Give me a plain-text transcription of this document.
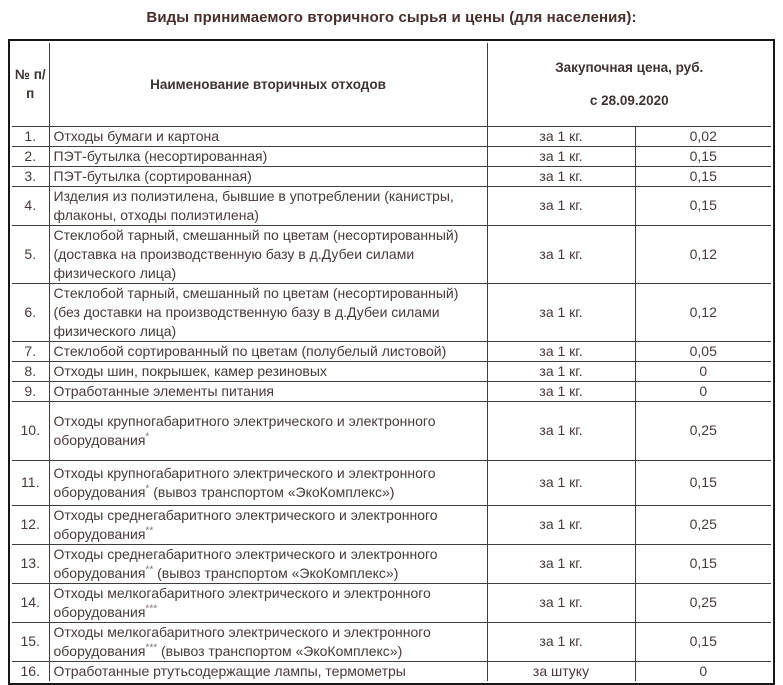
Виды принимаемого вторичного сырья и цены (для населения):
№ п/п	Наименование вторичных отходов	Закупочная цена, руб.
с 28.09.2020	

1.	Отходы бумаги и картона	за 1 кг.	0,02
2.	ПЭТ-бутылка (несортированная)	за 1 кг.	0,15
3.	ПЭТ-бутылка (сортированная)	за 1 кг.	0,15
4.	Изделия из полиэтилена, бывшие в употреблении (канистры, флаконы, отходы полиэтилена)	за 1 кг.	0,15
5.	Стеклобой тарный, смешанный по цветам (несортированный) (доставка на производственную базу в д.Дубеи силами физического лица)	за 1 кг.	0,12
6.	Стеклобой тарный, смешанный по цветам (несортированный) (без доставки на производственную базу в д.Дубеи силами физического лица)	за 1 кг.	0,12
7.	Стеклобой сортированный по цветам (полубелый листовой)	за 1 кг.	0,05
8.	Отходы шин, покрышек, камер резиновых	за 1 кг.	0
9.	Отработанные элементы питания	за 1 кг.	0
10.	Отходы крупногабаритного электрического и электронного оборудования*	за 1 кг.	0,25
11.	Отходы крупногабаритного электрического и электронного оборудования* (вывоз транспортом «ЭкоКомплекс»)	за 1 кг.	0,15
12.	Отходы среднегабаритного электрического и электронного оборудования**	за 1 кг.	0,25
13.	Отходы среднегабаритного электрического и электронного оборудования** (вывоз транспортом «ЭкоКомплекс»)	за 1 кг.	0,15
14.	Отходы мелкогабаритного электрического и электронного оборудования***	за 1 кг.	0,25
15.	Отходы мелкогабаритного электрического и электронного оборудования*** (вывоз транспортом «ЭкоКомплекс»)	за 1 кг.	0,15
16.	Отработанные ртутьсодержащие лампы, термометры	за штуку	0
